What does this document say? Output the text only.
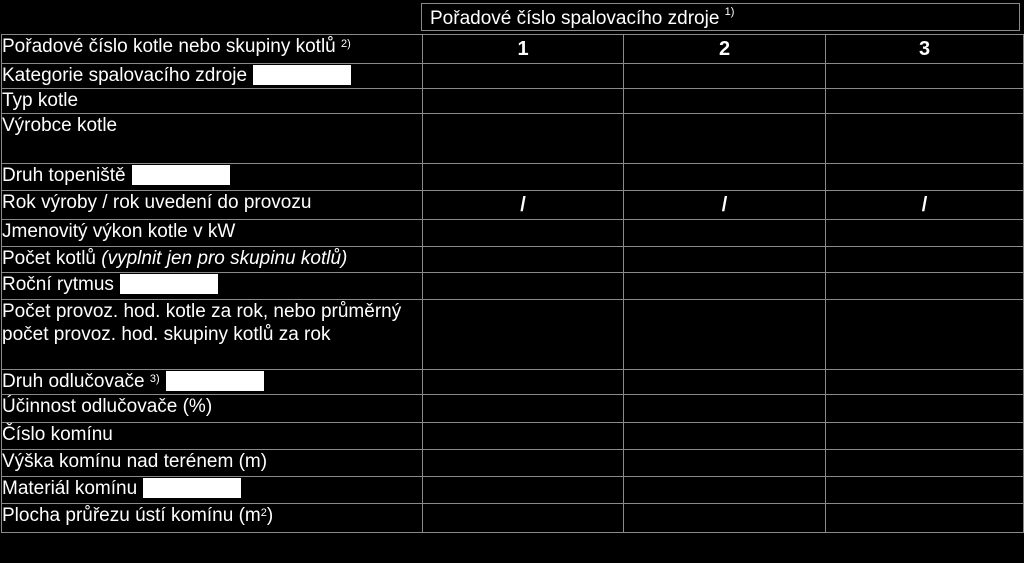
Pořadové číslo spalovacího zdroje $^{1)}$
Pořadové číslo kotle nebo skupiny kotlů $^{2)}$	1	2	3
Kategorie spalovacího zdroje			
Typ kotle			
Výrobce kotle			
Druh topeniště			
Rok výroby / rok uvedení do provozu	/	/	/
Jmenovitý výkon kotle v kW			
Počet kotlů (vyplnit jen pro skupinu kotlů)			
Roční rytmus			

Počet provoz. hod. kotle za rok, nebo průměrný počet provoz. hod. skupiny kotlů za rok			

Druh odlučovače $^{3)}$			
Účinnost odlučovače (%)			
Číslo komínu			
Výška komínu nad terénem (m)			
Materiál komínu			
Plocha průřezu ústí komínu $(m^2)$			
